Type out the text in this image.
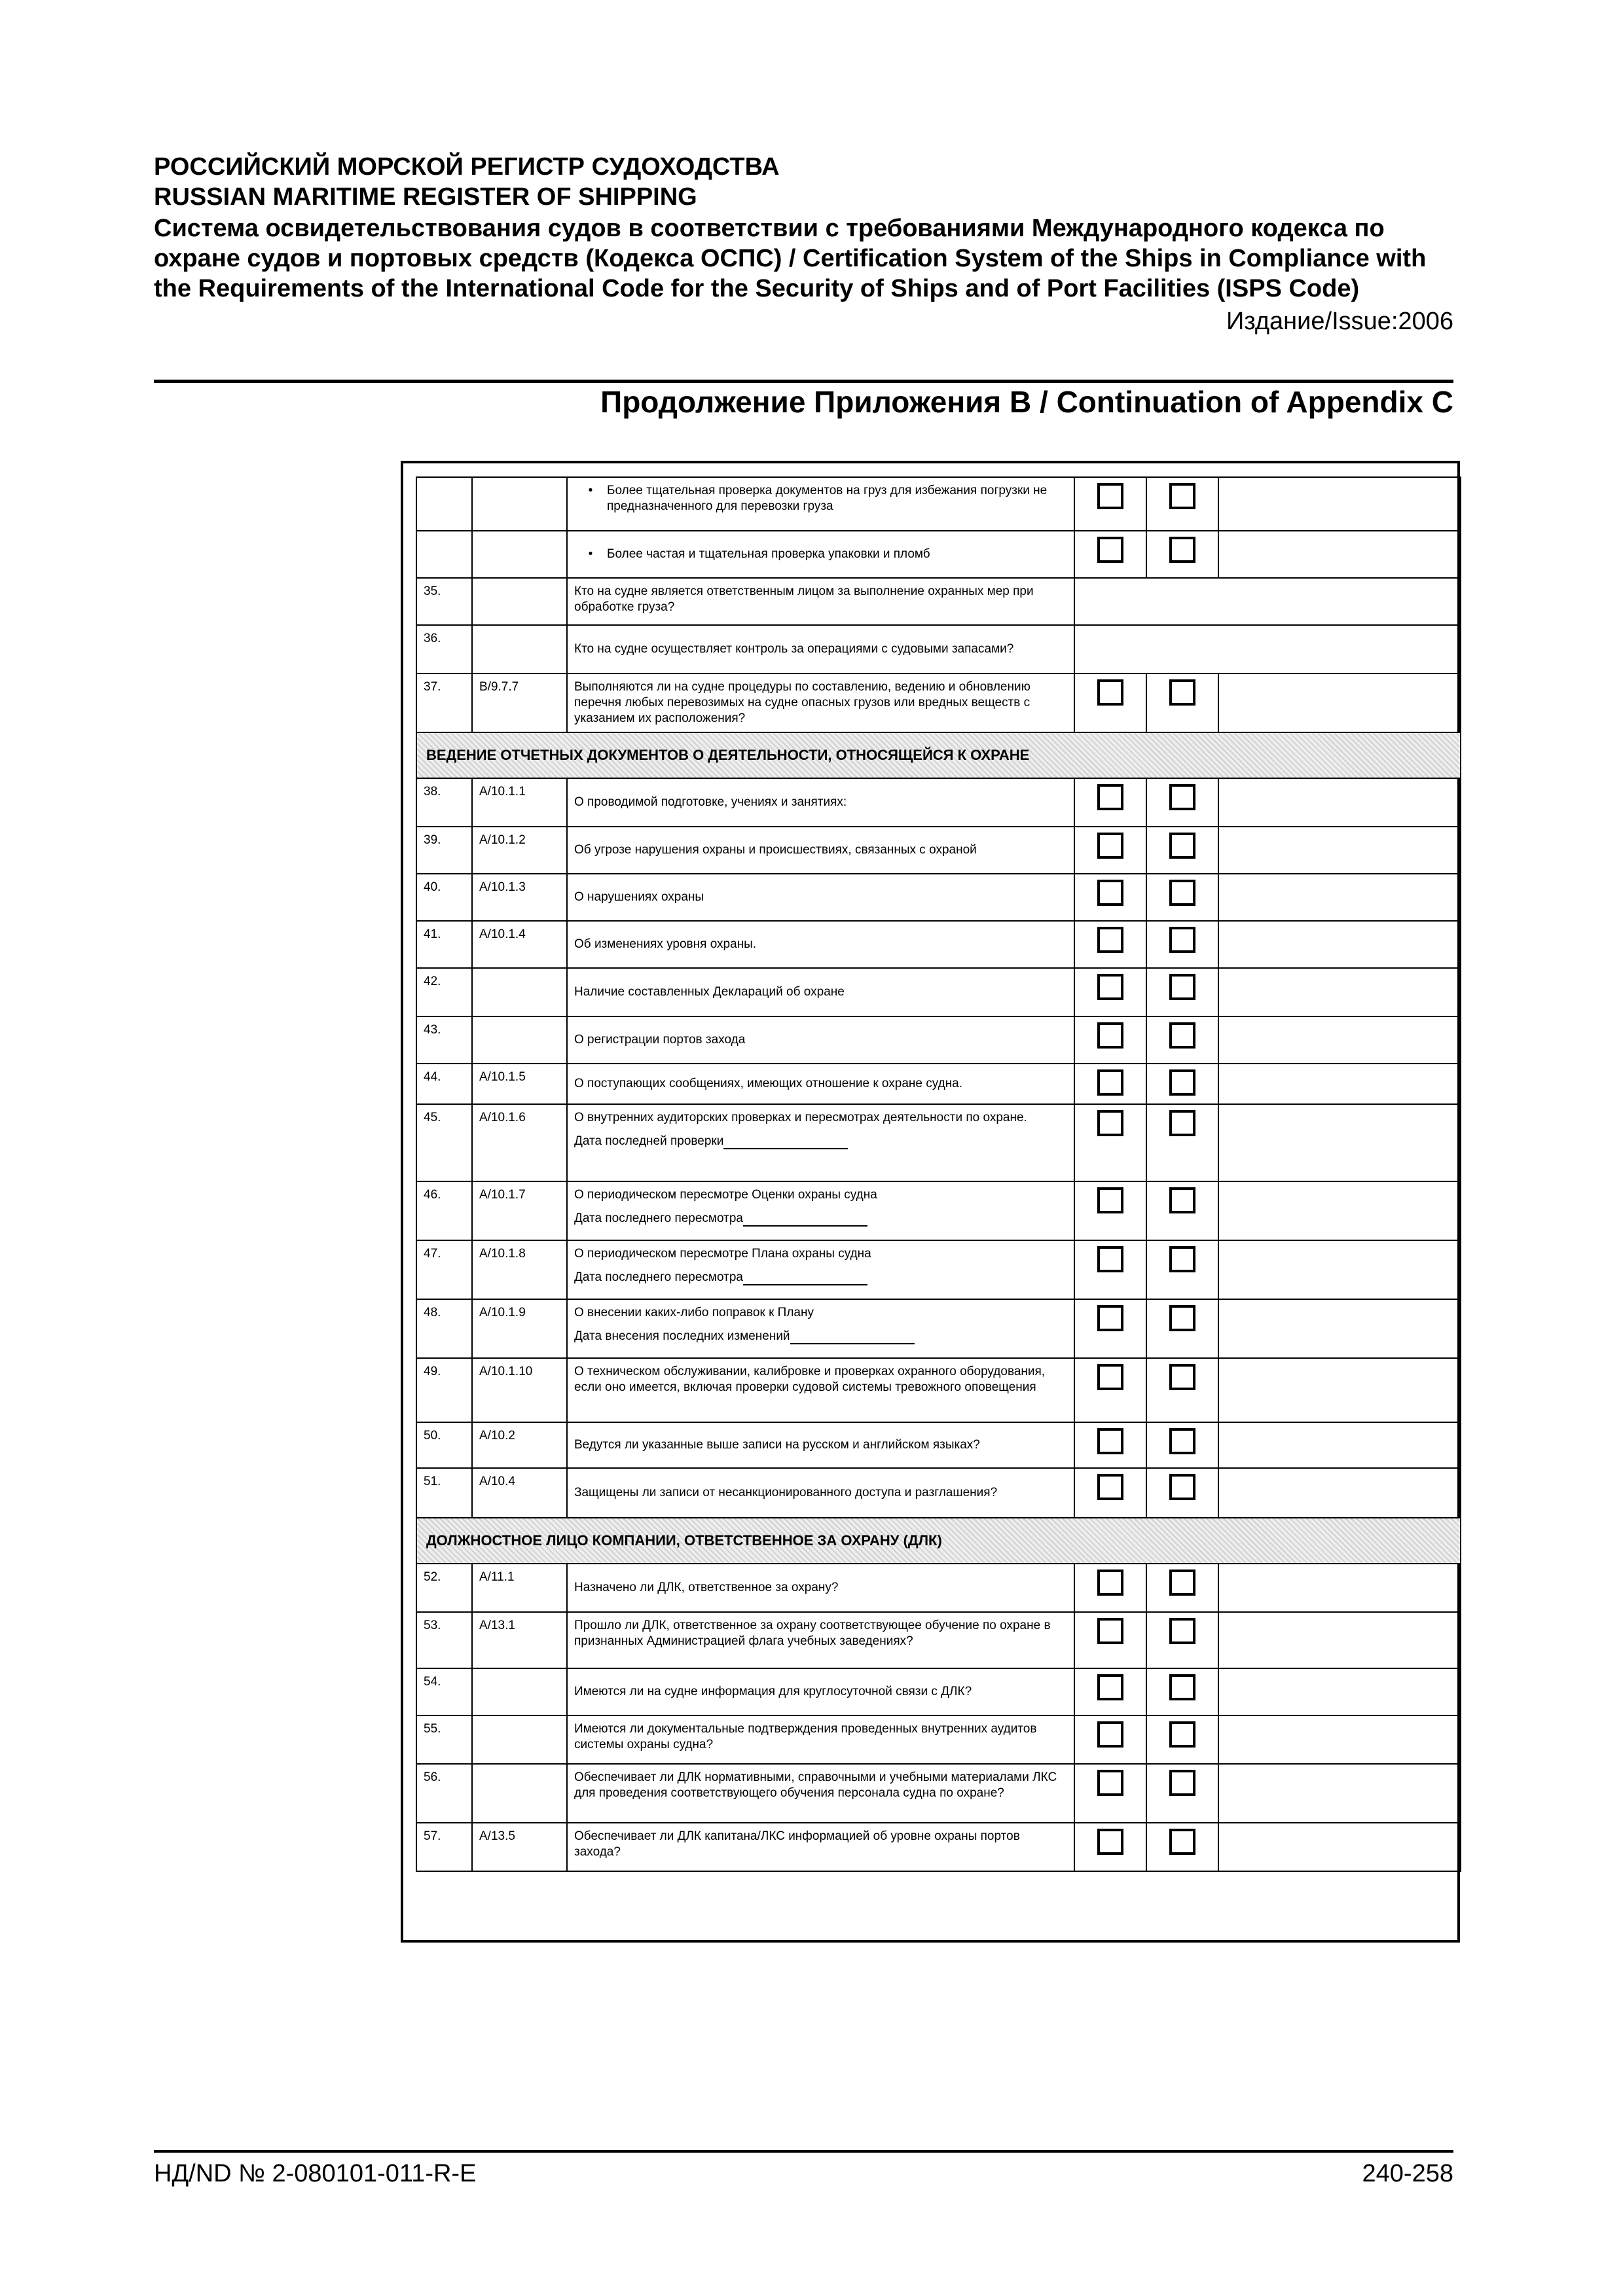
РОССИЙСКИЙ МОРСКОЙ РЕГИСТР СУДОХОДСТВА
RUSSIAN MARITIME REGISTER OF SHIPPING
Система освидетельствования судов в соответствии с требованиями Международного кодекса по охране судов и портовых средств (Кодекса ОСПС) / Certification System of the Ships in Compliance with the Requirements of the International Code for the Security of Ships and of Port Facilities (ISPS Code)
Издание/Issue:2006
Продолжение Приложения В / Continuation of Appendix C

		• Более тщательная проверка документов на груз для избежания погрузки не предназначенного для перевозки груза			

		• Более частая и тщательная проверка упаковки и пломб			

35.		Кто на судне является ответственным лицом за выполнение охранных мер при обработке груза?			

36.		Кто на судне осуществляет контроль за операциями с судовыми запасами?			

37.	B/9.7.7	Выполняются ли на судне процедуры по составлению, ведению и обновлению перечня любых перевозимых на судне опасных грузов или вредных веществ с указанием их расположения?			

ВЕДЕНИЕ ОТЧЕТНЫХ ДОКУМЕНТОВ О ДЕЯТЕЛЬНОСТИ, ОТНОСЯЩЕЙСЯ К ОХРАНЕ					
38.	A/10.1.1	О проводимой подготовке, учениях и занятиях:			

39.	A/10.1.2	Об угрозе нарушения охраны и происшествиях, связанных с охраной			

40.	A/10.1.3	О нарушениях охраны			

41.	A/10.1.4	Об изменениях уровня охраны.			

42.		Наличие составленных Деклараций об охране			

43.		О регистрации портов захода			

44.	A/10.1.5	О поступающих сообщениях, имеющих отношение к охране судна.			

45.	A/10.1.6	О внутренних аудиторских проверках и пересмотрах деятельности по охране.
Дата последней проверки			

46.	A/10.1.7	О периодическом пересмотре Оценки охраны судна
Дата последнего пересмотра			

47.	A/10.1.8	О периодическом пересмотре Плана охраны судна
Дата последнего пересмотра			

48.	A/10.1.9	О внесении каких-либо поправок к Плану
Дата внесения последних изменений			

49.	A/10.1.10	О техническом обслуживании, калибровке и проверках охранного оборудования, если оно имеется, включая проверки судовой системы тревожного оповещения			

50.	A/10.2	Ведутся ли указанные выше записи на русском и английском языках?			

51.	A/10.4	Защищены ли записи от несанкционированного доступа и разглашения?			

ДОЛЖНОСТНОЕ ЛИЦО КОМПАНИИ, ОТВЕТСТВЕННОЕ ЗА ОХРАНУ (ДЛК)					
52.	A/11.1	Назначено ли ДЛК, ответственное за охрану?			

53.	A/13.1	Прошло ли ДЛК, ответственное за охрану соответствующее обучение по охране в признанных Администрацией флага учебных заведениях?			

54.		Имеются ли на судне информация для круглосуточной связи с ДЛК?			

55.		Имеются ли документальные подтверждения проведенных внутренних аудитов системы охраны судна?			

56.		Обеспечивает ли ДЛК нормативными, справочными и учебными материалами ЛКС для проведения соответствующего обучения персонала судна по охране?			

57.	A/13.5	Обеспечивает ли ДЛК капитана/ЛКС информацией об уровне охраны портов захода?			

НД/ND № 2-080101-011-R-E	240-258
